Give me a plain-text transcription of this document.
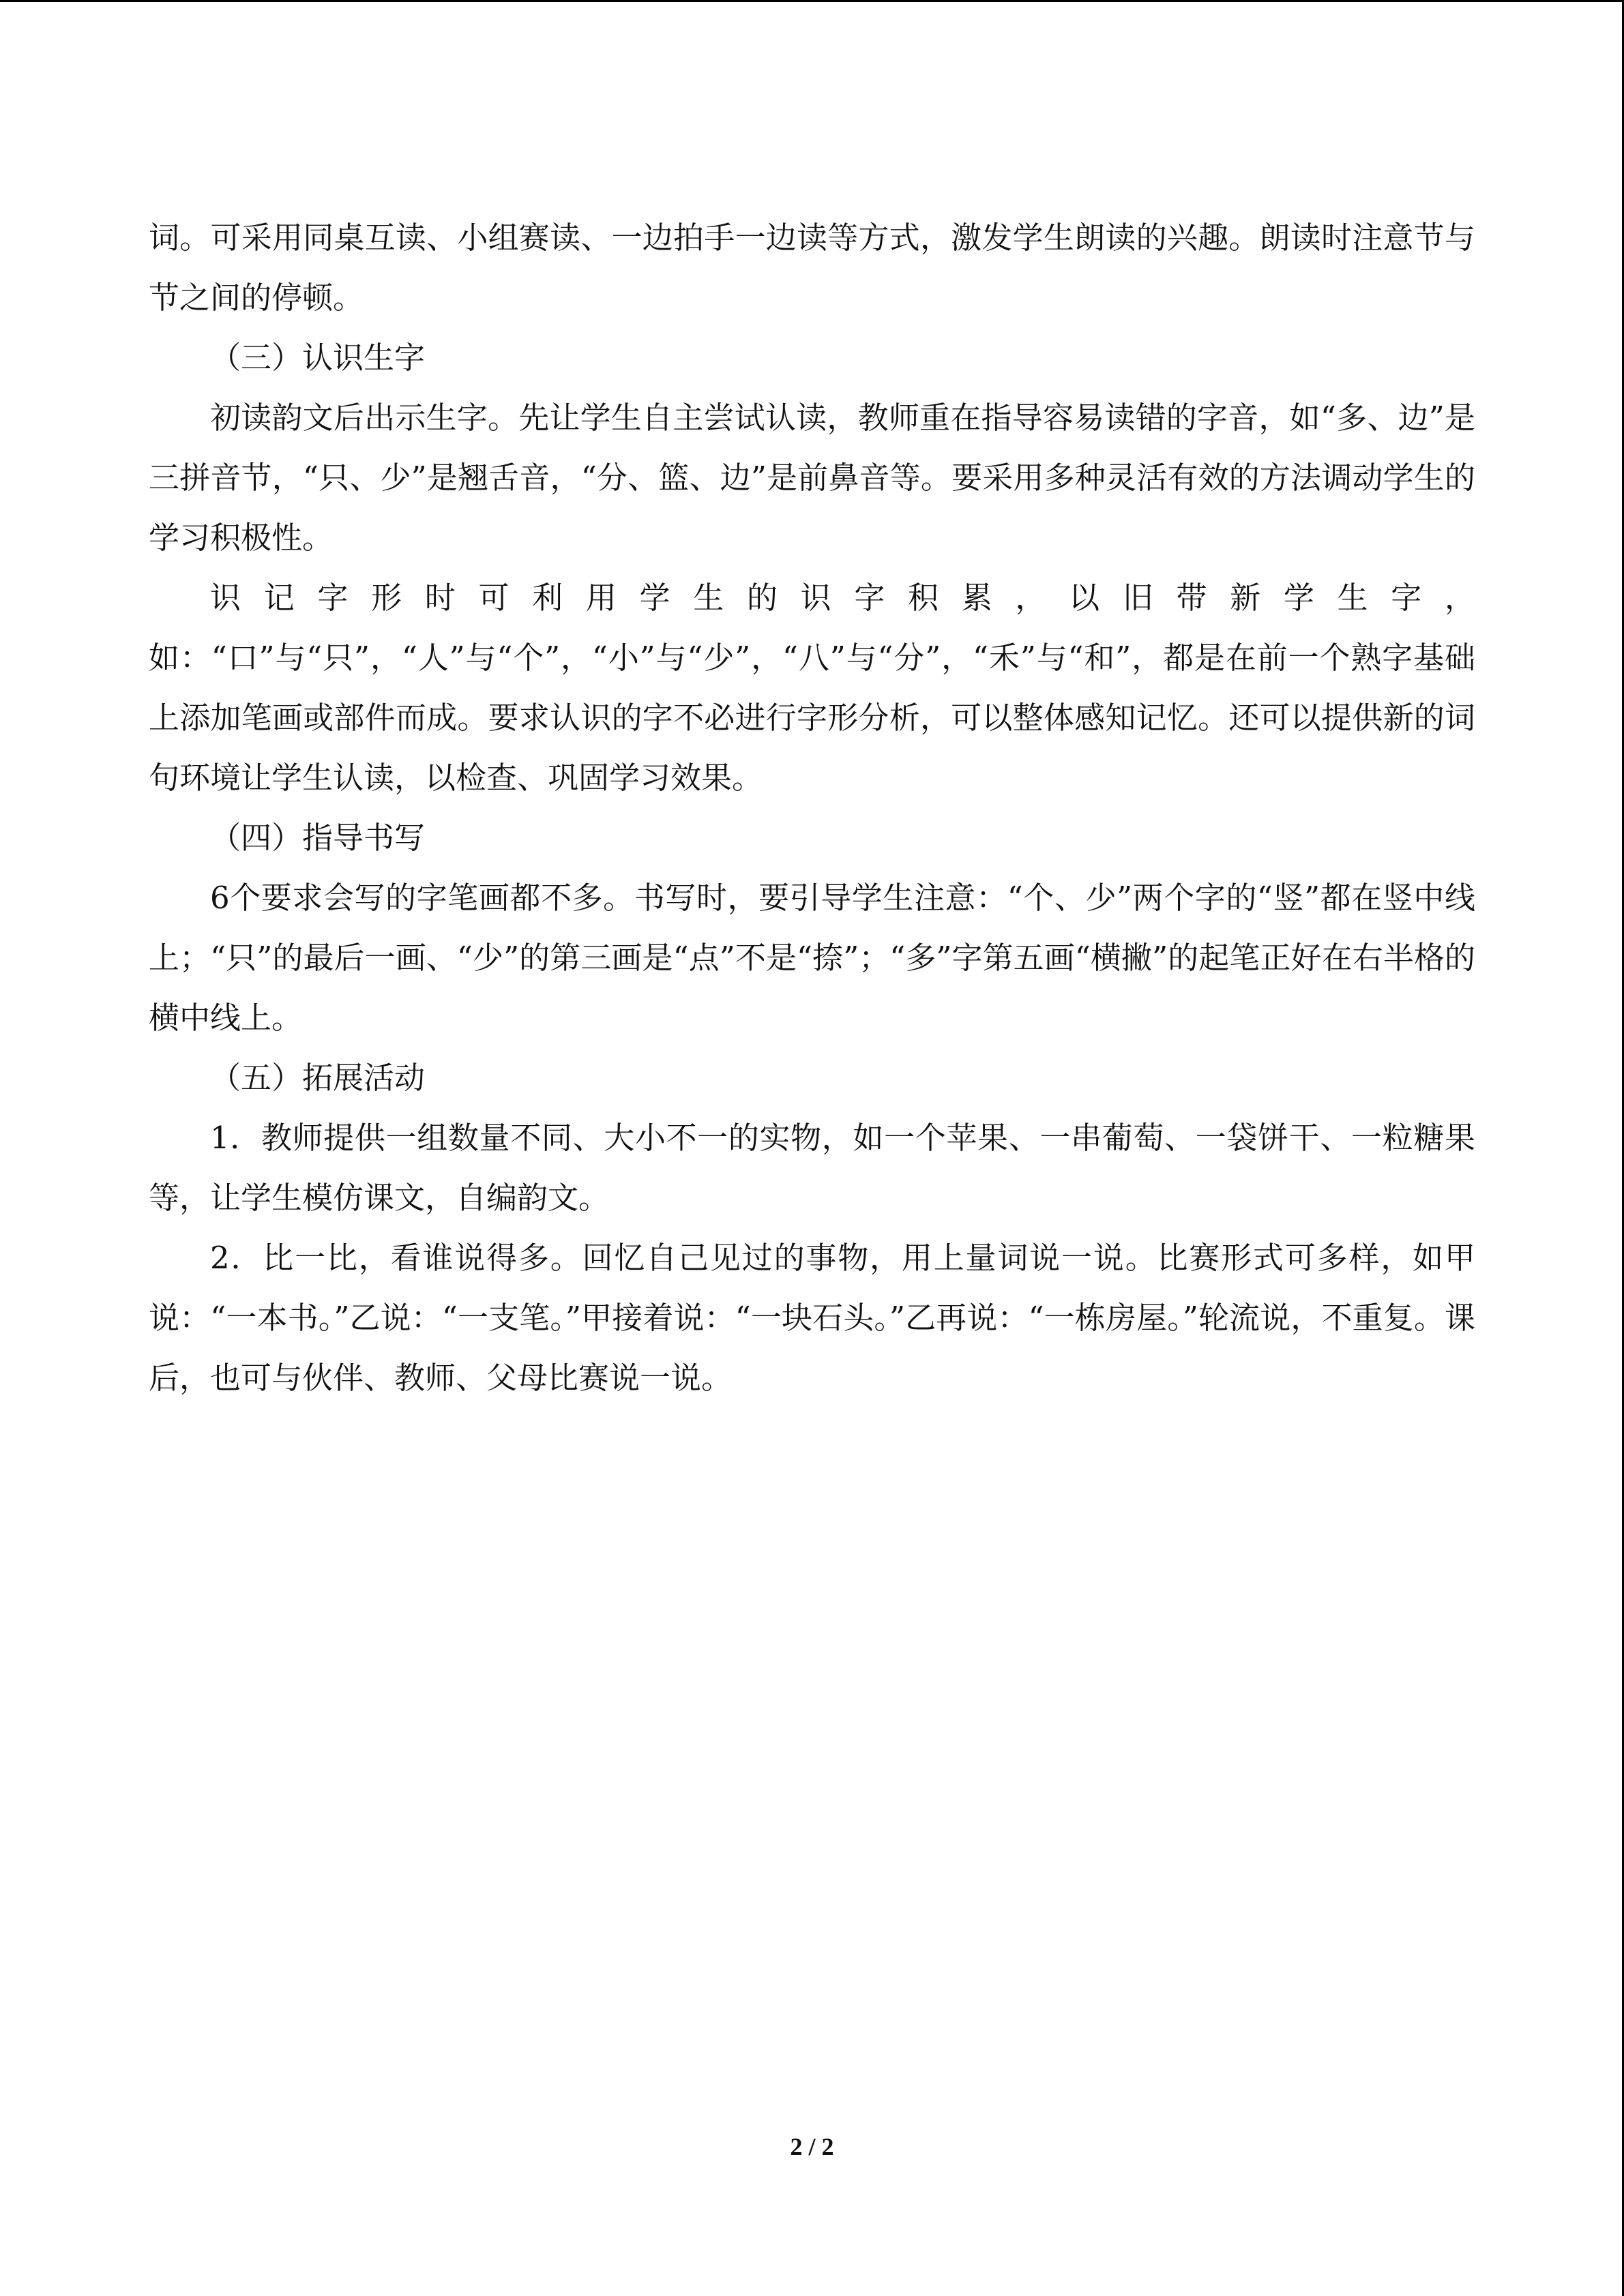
词。可采用同桌互读、小组赛读、一边拍手一边读等方式，激发学生朗读的兴趣。朗读时注意节与节之间的停顿。

（三）认识生字

初读韵文后出示生字。先让学生自主尝试认读，教师重在指导容易读错的字音，如“多、边”是三拼音节，“只、少”是翘舌音，“分、篮、边”是前鼻音等。要采用多种灵活有效的方法调动学生的学习积极性。

识记字形时可利用学生的识字积累，以旧带新学生字，如：“口”与“只”，“人”与“个”，“小”与“少”，“八”与“分”，“禾”与“和”，都是在前一个熟字基础上添加笔画或部件而成。要求认识的字不必进行字形分析，可以整体感知记忆。还可以提供新的词句环境让学生认读，以检查、巩固学习效果。

（四）指导书写

6个要求会写的字笔画都不多。书写时，要引导学生注意：“个、少”两个字的“竖”都在竖中线上；“只”的最后一画、“少”的第三画是“点”不是“捺”；“多”字第五画“横撇”的起笔正好在右半格的横中线上。

（五）拓展活动

1．教师提供一组数量不同、大小不一的实物，如一个苹果、一串葡萄、一袋饼干、一粒糖果等，让学生模仿课文，自编韵文。

2．比一比，看谁说得多。回忆自己见过的事物，用上量词说一说。比赛形式可多样，如甲说：“一本书。”乙说：“一支笔。”甲接着说：“一块石头。”乙再说：“一栋房屋。”轮流说，不重复。课后，也可与伙伴、教师、父母比赛说一说。

2 / 2
